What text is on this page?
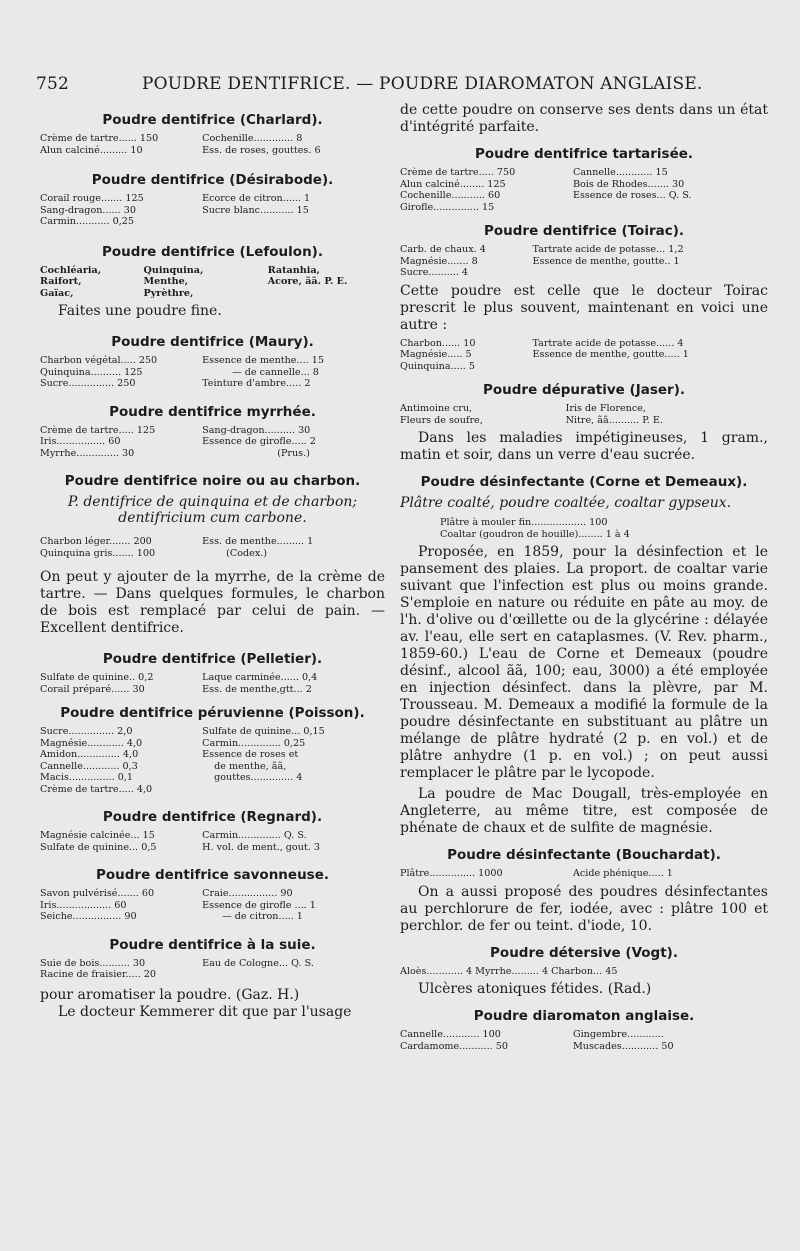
752	POUDRE DENTIFRICE. — POUDRE DIAROMATON ANGLAISE.
Poudre dentifrice (Charlard).
Crème de tartre...... 150	Cochenille............. 8
Alun calciné......... 10	Ess. de roses, gouttes. 6
Poudre dentifrice (Désirabode).
Corail rouge....... 125	Ecorce de citron...... 1
Sang-dragon...... 30	Sucre blanc........... 15
Carmin........... 0,25	
Poudre dentifrice (Lefoulon).
Cochléaria,	Quinquina,	Ratanhia,
Raifort,	Menthe,	Acore, ãã. P. E.
Gaïac,	Pyrèthre,	

Faites une poudre fine.

Poudre dentifrice (Maury).
Charbon végétal..... 250	Essence de menthe.... 15
Quinquina.......... 125	— de cannelle... 8
Sucre............... 250	Teinture d'ambre..... 2
Poudre dentifrice myrrhée.
Crème de tartre..... 125	Sang-dragon.......... 30
Iris................ 60	Essence de girofle..... 2
Myrrhe.............. 30	(Prus.)
Poudre dentifrice noire ou au charbon.
P. dentifrice de quinquina et de charbon; dentifricium cum carbone.
Charbon léger....... 200	Ess. de menthe......... 1
Quinquina gris....... 100	(Codex.)

On peut y ajouter de la myrrhe, de la crème de tartre. — Dans quelques formules, le charbon de bois est remplacé par celui de pain. — Excellent dentifrice.

Poudre dentifrice (Pelletier).
Sulfate de quinine.. 0,2	Laque carminée...... 0,4
Corail préparé...... 30	Ess. de menthe,gtt... 2
Poudre dentifrice péruvienne (Poisson).
Sucre............... 2,0	Sulfate de quinine... 0,15
Magnésie............ 4,0	Carmin.............. 0,25
Amidon.............. 4,0	Essence de roses et
Cannelle............ 0,3	de menthe, ãã,
Macis............... 0,1	gouttes.............. 4
Crème de tartre..... 4,0	
Poudre dentifrice (Regnard).
Magnésie calcinée... 15	Carmin.............. Q. S.
Sulfate de quinine... 0,5	H. vol. de ment., gout. 3
Poudre dentifrice savonneuse.
Savon pulvérisé....... 60	Craie................ 90
Iris.................. 60	Essence de girofle .... 1
Seiche................ 90	— de citron..... 1
Poudre dentifrice à la suie.
Suie de bois.......... 30	Eau de Cologne... Q. S.
Racine de fraisier..... 20	

pour aromatiser la poudre. (Gaz. H.)

Le docteur Kemmerer dit que par l'usage

de cette poudre on conserve ses dents dans un état d'intégrité parfaite.

Poudre dentifrice tartarisée.
Crème de tartre..... 750	Cannelle............ 15
Alun calciné........ 125	Bois de Rhodes....... 30
Cochenille........... 60	Essence de roses... Q. S.
Girofle............... 15	
Poudre dentifrice (Toirac).
Carb. de chaux. 4	Tartrate acide de potasse... 1,2
Magnésie....... 8	Essence de menthe, goutte.. 1
Sucre.......... 4	

Cette poudre est celle que le docteur Toirac prescrit le plus souvent, maintenant en voici une autre :

Charbon...... 10	Tartrate acide de potasse...... 4
Magnésie..... 5	Essence de menthe, goutte..... 1
Quinquina..... 5	
Poudre dépurative (Jaser).
Antimoine cru,	Iris de Florence,
Fleurs de soufre,	Nitre, ãã.......... P. E.

Dans les maladies impétigineuses, 1 gram., matin et soir, dans un verre d'eau sucrée.

Poudre désinfectante (Corne et Demeaux).
Plâtre coalté, poudre coaltée, coaltar gypseux.
Plâtre à mouler fin.................. 100
Coaltar (goudron de houille)........ 1 à 4

Proposée, en 1859, pour la désinfection et le pansement des plaies. La proport. de coaltar varie suivant que l'infection est plus ou moins grande. S'emploie en nature ou réduite en pâte au moy. de l'h. d'olive ou d'œillette ou de la glycérine : délayée av. l'eau, elle sert en cataplasmes. (V. Rev. pharm., 1859-60.) L'eau de Corne et Demeaux (poudre désinf., alcool ãã, 100; eau, 3000) a été employée en injection désinfect. dans la plèvre, par M. Trousseau. M. Demeaux a modifié la formule de la poudre désinfectante en substituant au plâtre un mélange de plâtre hydraté (2 p. en vol.) et de plâtre anhydre (1 p. en vol.) ; on peut aussi remplacer le plâtre par le lycopode.

La poudre de Mac Dougall, très-employée en Angleterre, au même titre, est composée de phénate de chaux et de sulfite de magnésie.

Poudre désinfectante (Bouchardat).
Plâtre............... 1000	Acide phénique..... 1

On a aussi proposé des poudres désinfectantes au perchlorure de fer, iodée, avec : plâtre 100 et perchlor. de fer ou teint. d'iode, 10.

Poudre détersive (Vogt).
Aloès............ 4 Myrrhe......... 4 Charbon... 45

Ulcères atoniques fétides. (Rad.)

Poudre diaromaton anglaise.
Cannelle............ 100	Gingembre............
Cardamome........... 50	Muscades............ 50
